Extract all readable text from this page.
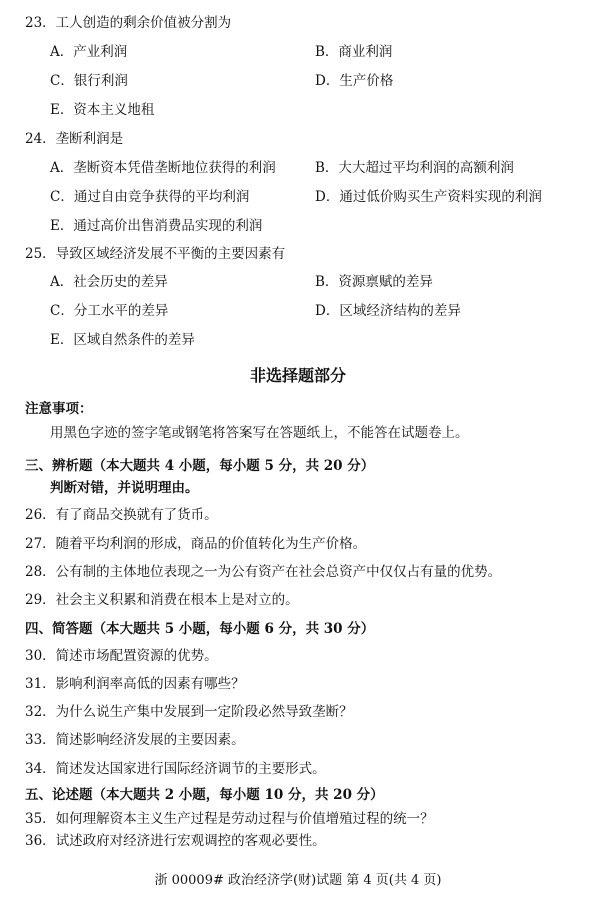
23．工人创造的剩余价值被分割为
A．产业利润	B．商业利润
C．银行利润	D．生产价格
E．资本主义地租
24．垄断利润是
A．垄断资本凭借垄断地位获得的利润	B．大大超过平均利润的高额利润
C．通过自由竞争获得的平均利润	D．通过低价购买生产资料实现的利润
E．通过高价出售消费品实现的利润
25．导致区域经济发展不平衡的主要因素有
A．社会历史的差异	B．资源禀赋的差异
C．分工水平的差异	D．区域经济结构的差异
E．区域自然条件的差异
非选择题部分
注意事项：
用黑色字迹的签字笔或钢笔将答案写在答题纸上，不能答在试题卷上。
三、辨析题（本大题共 4 小题，每小题 5 分，共 20 分）
判断对错，并说明理由。
26．有了商品交换就有了货币。
27．随着平均利润的形成，商品的价值转化为生产价格。
28．公有制的主体地位表现之一为公有资产在社会总资产中仅仅占有量的优势。
29．社会主义积累和消费在根本上是对立的。
四、简答题（本大题共 5 小题，每小题 6 分，共 30 分）
30．简述市场配置资源的优势。
31．影响利润率高低的因素有哪些？
32．为什么说生产集中发展到一定阶段必然导致垄断？
33．简述影响经济发展的主要因素。
34．简述发达国家进行国际经济调节的主要形式。
五、论述题（本大题共 2 小题，每小题 10 分，共 20 分）
35．如何理解资本主义生产过程是劳动过程与价值增殖过程的统一？
36．试述政府对经济进行宏观调控的客观必要性。
浙 00009# 政治经济学(财)试题 第 4 页(共 4 页)
